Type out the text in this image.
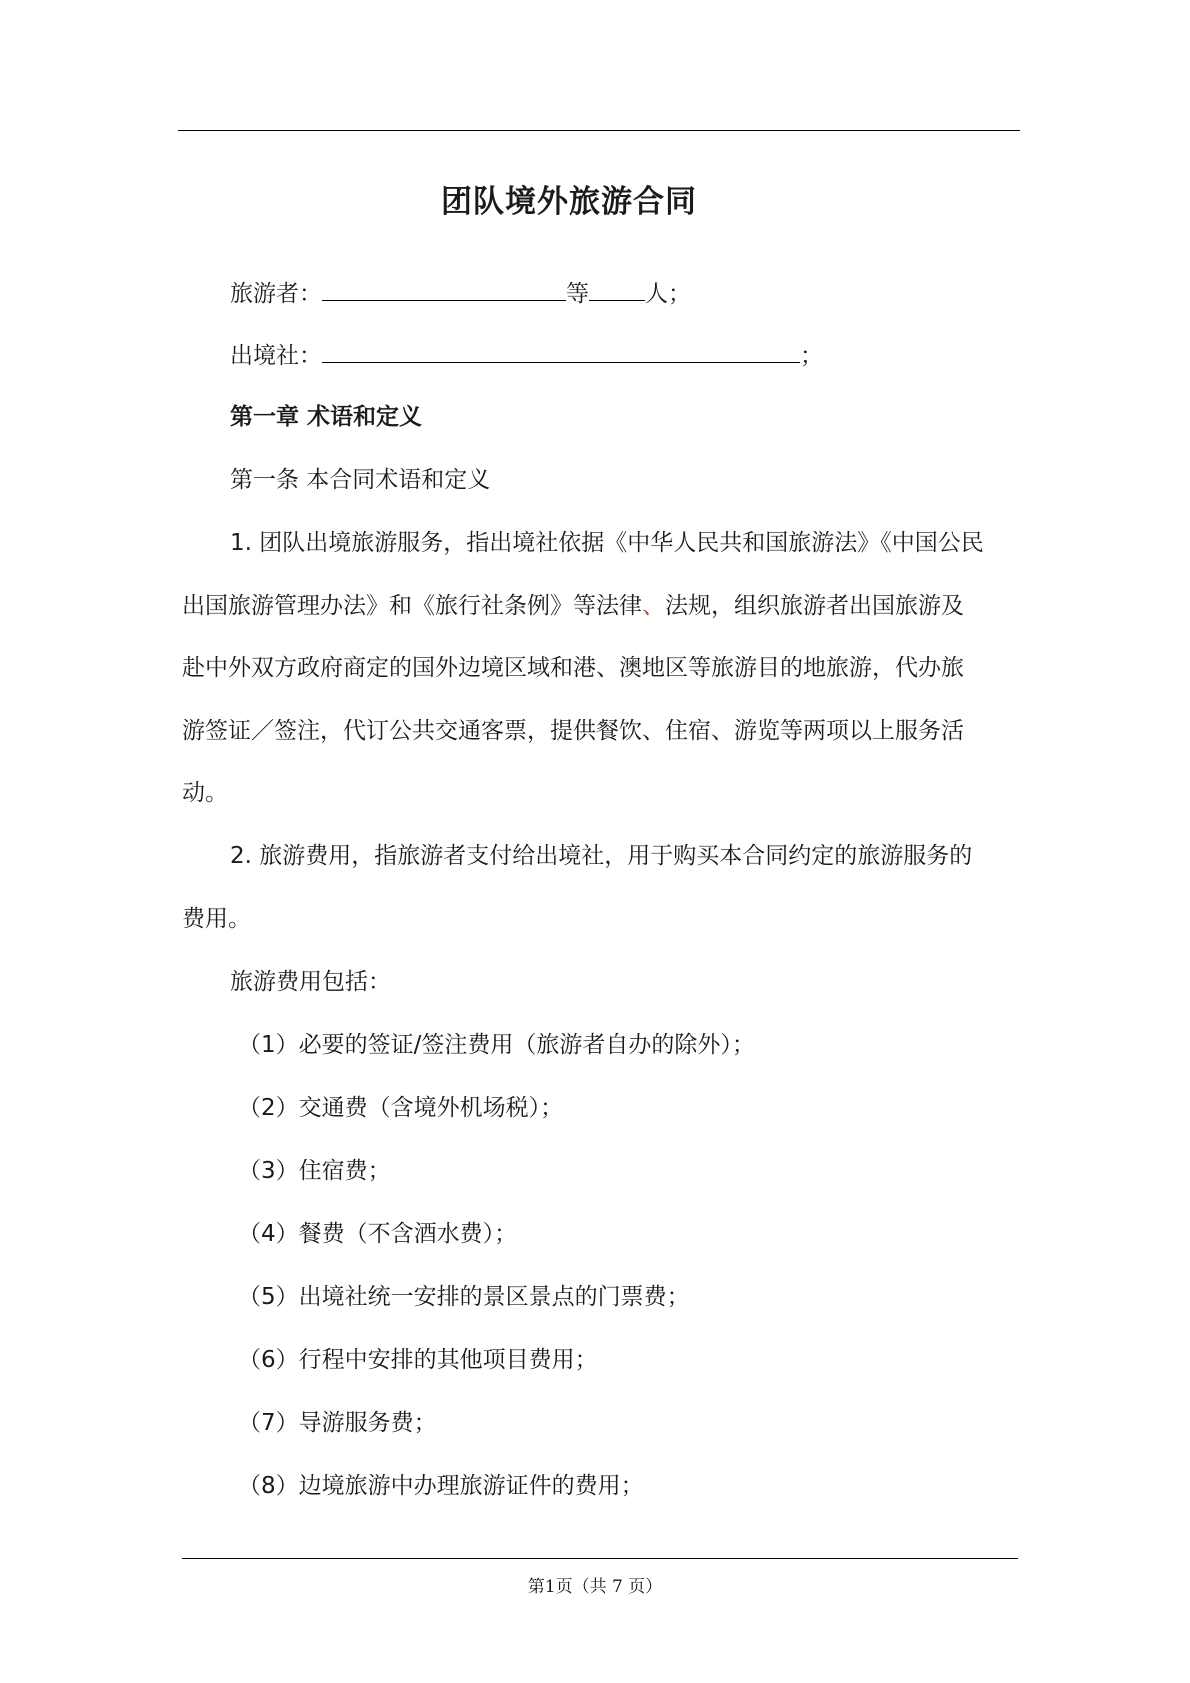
团队境外旅游合同
旅游者：	等 人；
出境社：	；
第一章 术语和定义
第一条 本合同术语和定义
1. 团队出境旅游服务，指出境社依据《中华人民共和国旅游法》《中国公民
出国旅游管理办法》和《旅行社条例》等法律、法规，组织旅游者出国旅游及
赴中外双方政府商定的国外边境区域和港、澳地区等旅游目的地旅游，代办旅
游签证／签注，代订公共交通客票，提供餐饮、住宿、游览等两项以上服务活
动。
2. 旅游费用，指旅游者支付给出境社，用于购买本合同约定的旅游服务的
费用。
旅游费用包括：
（1）必要的签证/签注费用（旅游者自办的除外）；
（2）交通费（含境外机场税）；
（3）住宿费；
（4）餐费（不含酒水费）；
（5）出境社统一安排的景区景点的门票费；
（6）行程中安排的其他项目费用；
（7）导游服务费；
（8）边境旅游中办理旅游证件的费用；
第1页（共 7 页）
